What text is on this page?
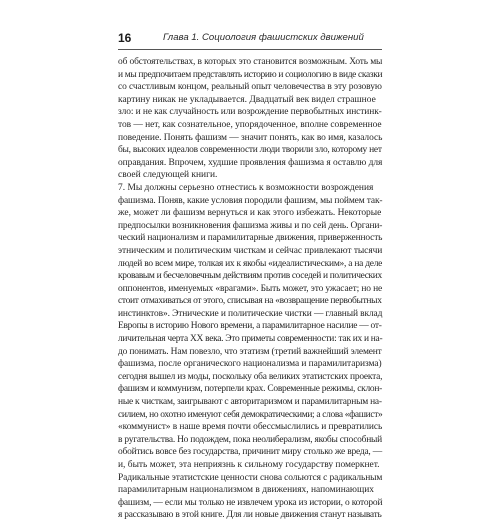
16	Глава 1. Социология фашистских движений
об обстоятельствах, в которых это становится возможным. Хоть мы
и мы предпочитаем представлять историю и социологию в виде сказки
со счастливым концом, реальный опыт человечества в эту розовую
картину никак не укладывается. Двадцатый век видел страшное
зло: и не как случайность или возрождение первобытных инстинк-
тов — нет, как сознательное, упорядоченное, вполне современное
поведение. Понять фашизм — значит понять, как во имя, казалось
бы, высоких идеалов современности люди творили зло, которому нет
оправдания. Впрочем, худшие проявления фашизма я оставлю для
своей следующей книги.
7. Мы должны серьезно отнестись к возможности возрождения
фашизма. Поняв, какие условия породили фашизм, мы поймем так-
же, может ли фашизм вернуться и как этого избежать. Некоторые
предпосылки возникновения фашизма живы и по сей день. Органи-
ческий национализм и парамилитарные движения, приверженность
этническим и политическим чисткам и сейчас привлекают тысячи
людей во всем мире, толкая их к якобы «идеалистическим», а на деле
кровавым и бесчеловечным действиям против соседей и политических
оппонентов, именуемых «врагами». Быть может, это ужасает; но не
стоит отмахиваться от этого, списывая на «возвращение первобытных
инстинктов». Этнические и политические чистки — главный вклад
Европы в историю Нового времени, а парамилитарное насилие — от-
личительная черта XX века. Это приметы современности: так их и на-
до понимать. Нам повезло, что этатизм (третий важнейший элемент
фашизма, после органического национализма и парамилитаризма)
сегодня вышел из моды, поскольку оба великих этатистских проекта,
фашизм и коммунизм, потерпели крах. Современные режимы, склон-
ные к чисткам, заигрывают с авторитаризмом и парамилитарным на-
силием, но охотно именуют себя демократическими; а слова «фашист»
«коммунист» в наше время почти обессмыслились и превратились
в ругательства. Но подождем, пока неолиберализм, якобы способный
обойтись вовсе без государства, причинит миру столько же вреда, —
и, быть может, эта неприязнь к сильному государству померкнет.
Радикальные этатистские ценности снова сольются с радикальным
парамилитарным национализмом в движениях, напоминающих
фашизм, — если мы только не извлечем урока из истории, о которой
я рассказываю в этой книге. Для ли новые движения станут называть
